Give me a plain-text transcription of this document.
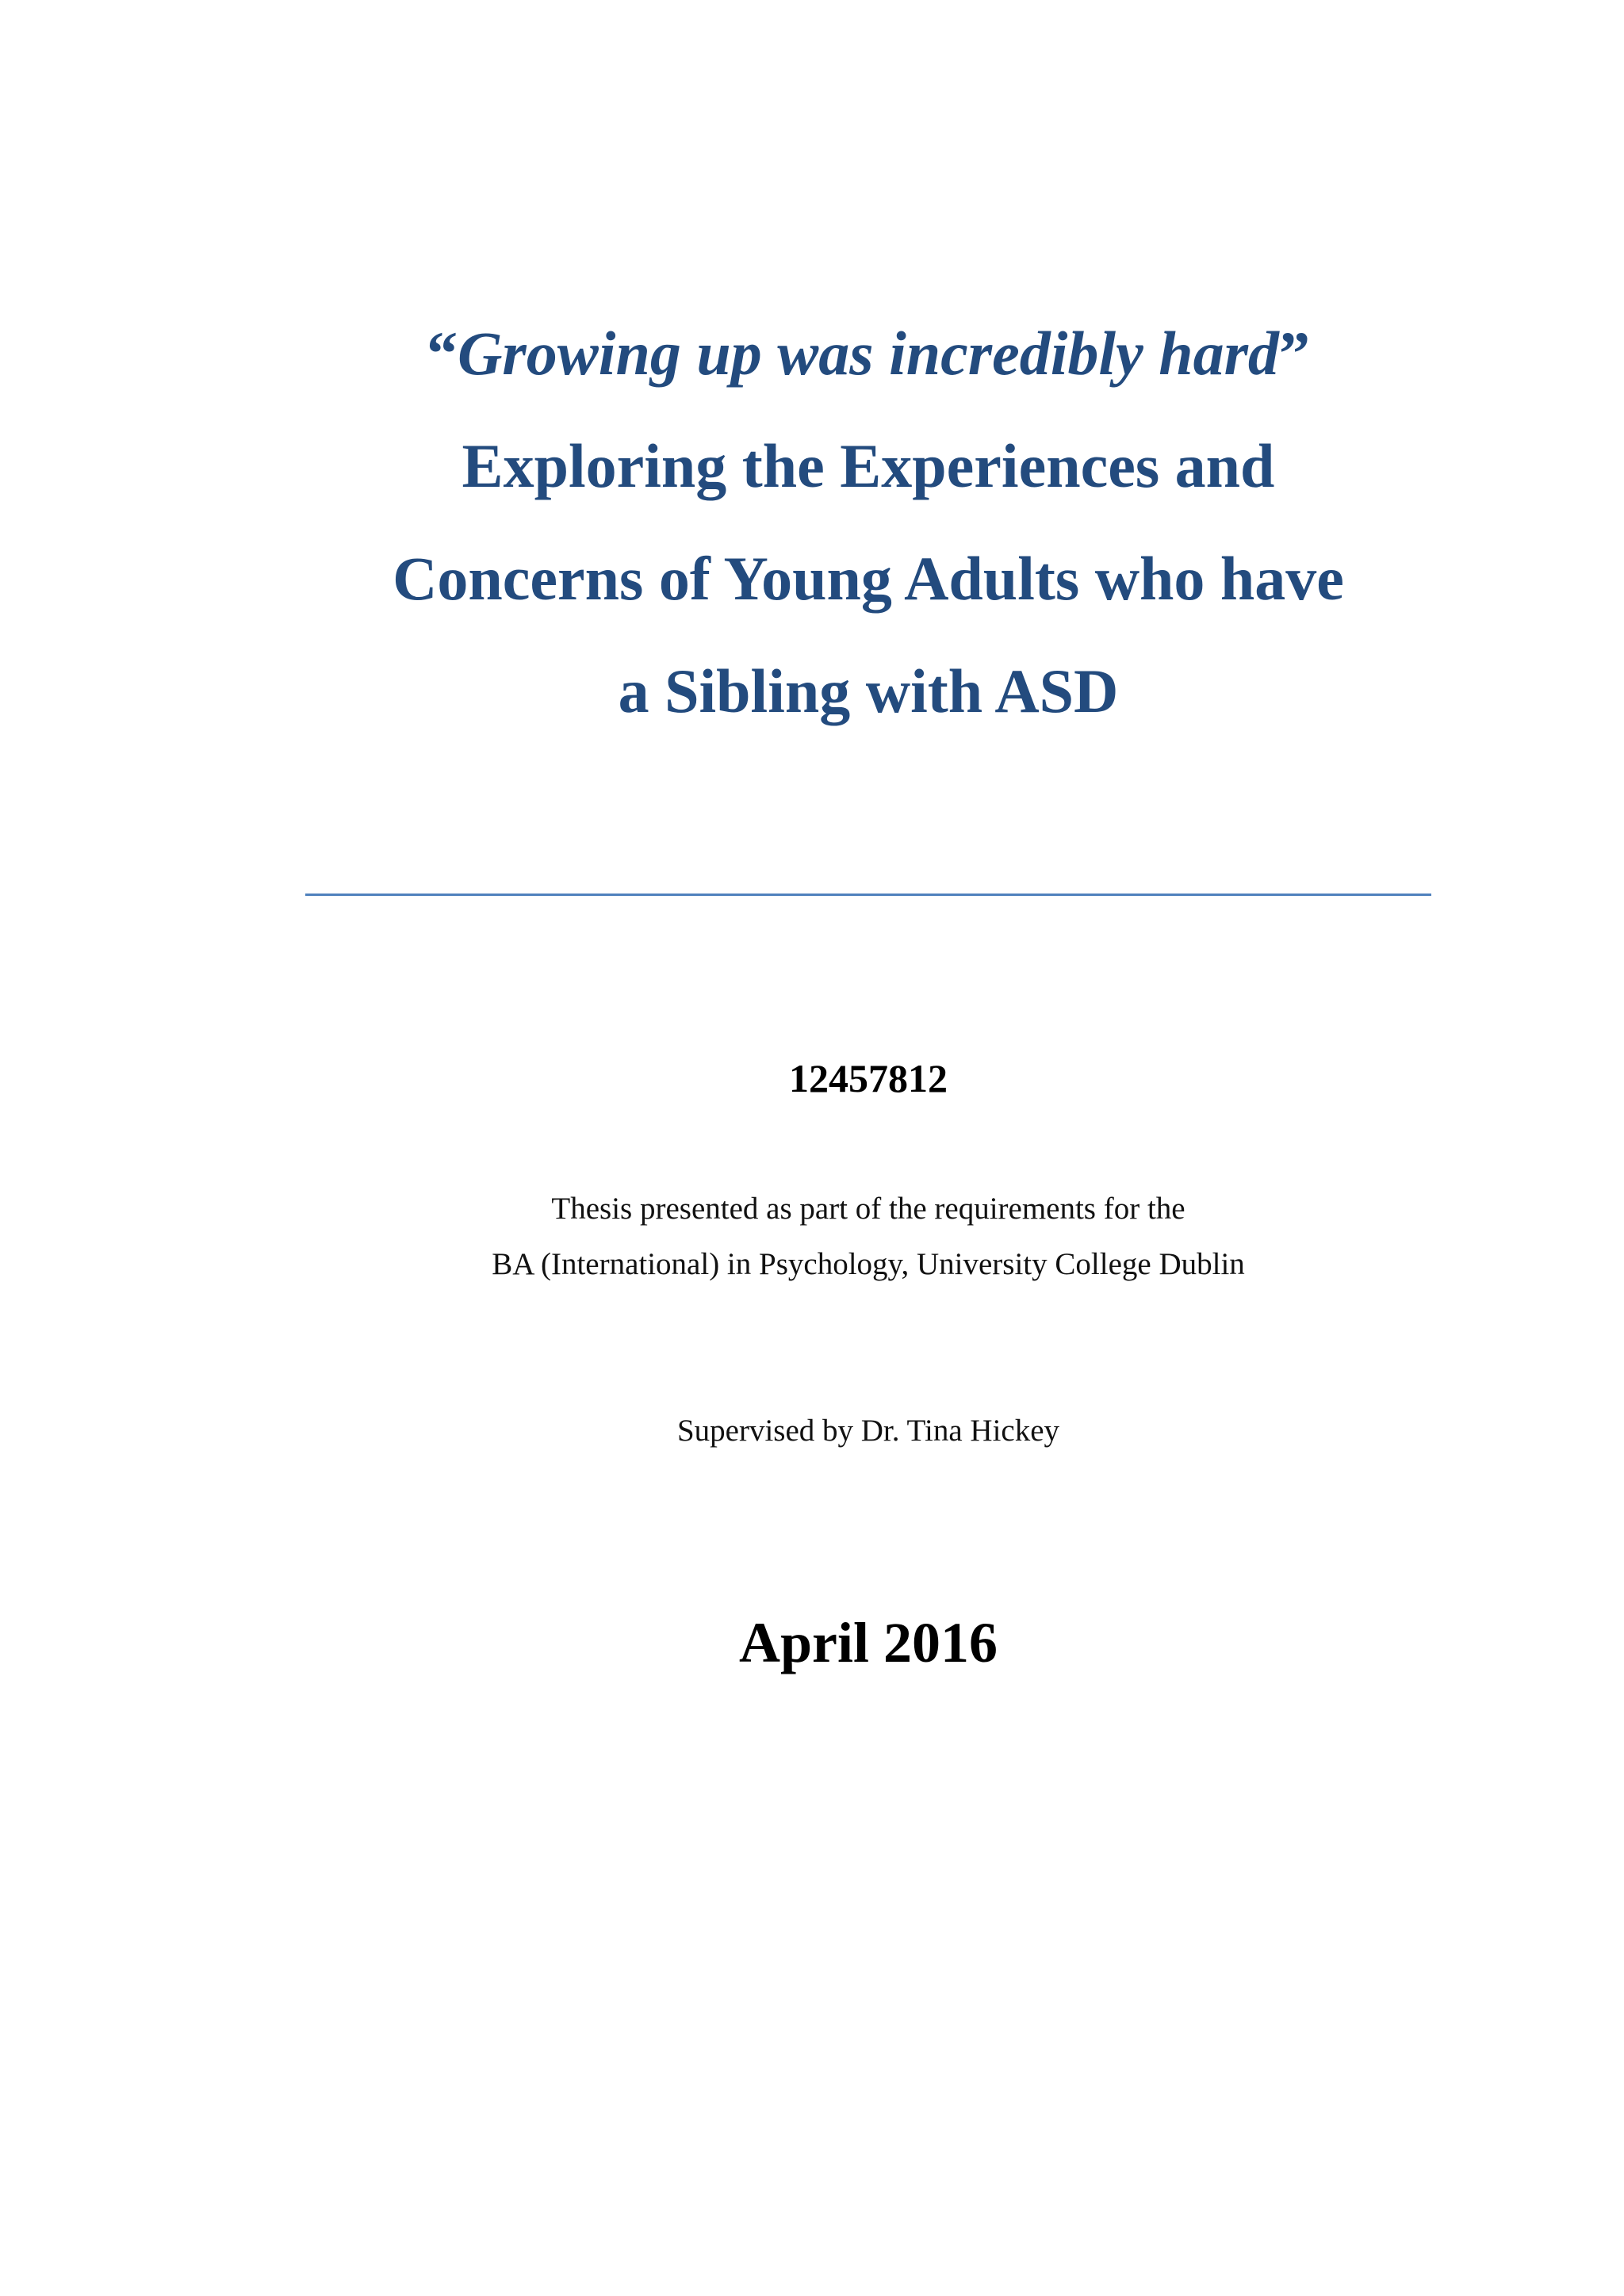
“Growing up was incredibly hard”
Exploring the Experiences and
Concerns of Young Adults who have
a Sibling with ASD
12457812
Thesis presented as part of the requirements for the
BA (International) in Psychology, University College Dublin
Supervised by Dr. Tina Hickey
April 2016
